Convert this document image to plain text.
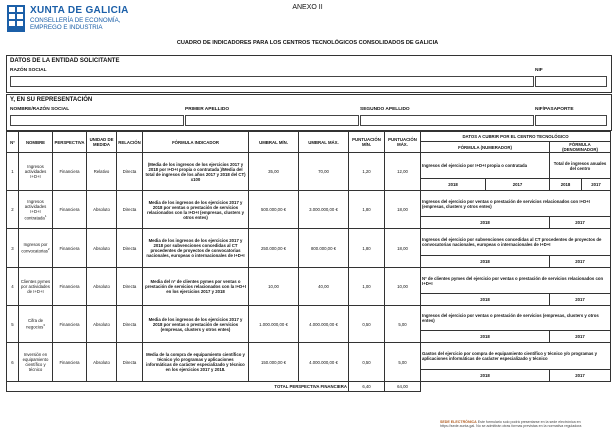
XUNTA DE GALICIA
CONSELLERÍA DE ECONOMÍA,
EMPREGO E INDUSTRIA
ANEXO II
CUADRO DE INDICADORES PARA LOS CENTROS TECNOLÓGICOS CONSOLIDADOS DE GALICIA
DATOS DE LA ENTIDAD SOLICITANTE
RAZÓN SOCIAL	NIF
Y, EN SU REPRESENTACIÓN
NOMBRE/RAZÓN SOCIAL	PRIMER APELLIDO	SEGUNDO APELLIDO	NIF/PASAPORTE
Nº	NOMBRE	PERSPECTIVA	UNIDAD DE MEDIDA	RELACIÓN	FÓRMULA INDICADOR	UMBRAL MÍN.	UMBRAL MÁX.	PUNTUACIÓN MÍN.	PUNTUACIÓN MÁX.	DATOS A CUBRIR POR EL CENTRO TECNOLÓGICO			
										FÓRMULA (NUMERADOR)		FÓRMULA (DENOMINADOR)	
1	Ingresos actividades I+D+I	Financiera	Relativo	Directa	(Media de los ingresos de los ejercicios 2017 y 2018 por I+D+I propia o contratada )/Media del total de ingresos de los años 2017 y 2018 del CT) x100	35,00	70,00	1,20	12,00	Ingresos del ejercicio por I+D+I propia o contratada		Total de ingresos anuales del centro	
										2018	2017	2018	2017
2	Ingresos actividades I+D+I contratada$^1$	Financiera	Absoluto	Directa	Media de los ingresos de los ejercicios 2017 y 2018 por ventas o prestación de servicios relacionados con la I+D+I (empresas, clusters y otros entes)	500.000,00 €	3.000.000,00 €	1,80	18,00	Ingresos del ejercicio por ventas o prestación de servicios relacionados con I+D+I (empresas, clusters y otros entes)			
										2018		2017	
3	Ingresos por convocatorias$^2$	Financiera	Absoluto	Directa	Media de los ingresos de los ejercicios 2017 y 2018 por subvenciones concedidas al CT procedentes de proyectos de convocatorias nacionales, europeas o internacionales de I+D+I	250.000,00 €	800.000,00 €	1,80	18,00	Ingresos del ejercicio por subvenciones concedidas al CT procedentes de proyectos de convocatorias nacionales, europeas o internacionales de I+D+I			
										2018		2017	
4	Clientes pymes por actividades de I+D+I	Financiera	Absoluto	Directa	Media del nº de clientes pymes por ventas o prestación de servicios relacionados con la I+D+I en los ejercicios 2017 y 2018	10,00	40,00	1,00	10,00	Nº de clientes pymes del ejercicio por ventas o prestación de servicios relacionados con I+D+I			
										2018		2017	
5	Cifra de negocios$^3$	Financiera	Absoluto	Directa	Media de los ingresos de los ejercicios 2017 y 2018 por ventas o prestación de servicios (empresas, clusters y otros entes)	1.000.000,00 €	4.000.000,00 €	0,50	5,00	Ingresos del ejercicio por ventas o prestación de servicios (empresas, clusters y otros entes)			
										2018		2017	
6	Inversión en equipamiento científico y técnico	Financiera	Absoluto	Directa	Media de la compra de equipamiento científico y técnico y/o programas y aplicaciones informáticas de carácter especializado y técnico en los ejercicios 2017 y 2018.	150.000,00 €	4.000.000,00 €	0,50	5,00	Gastos del ejercicio por compra de equipamiento científico y técnico y/o programas y aplicaciones informáticas de carácter especializado y técnico			
										2018		2017	
TOTAL PERSPECTIVA FINANCIERA								6,40	64,00				
SEDE ELECTRÓNICA Este formulario solo podrá presentarse en la sede electrónica en https://sede.xunta.gal. No se admitirán otras formas previstas en la normativa reguladora
